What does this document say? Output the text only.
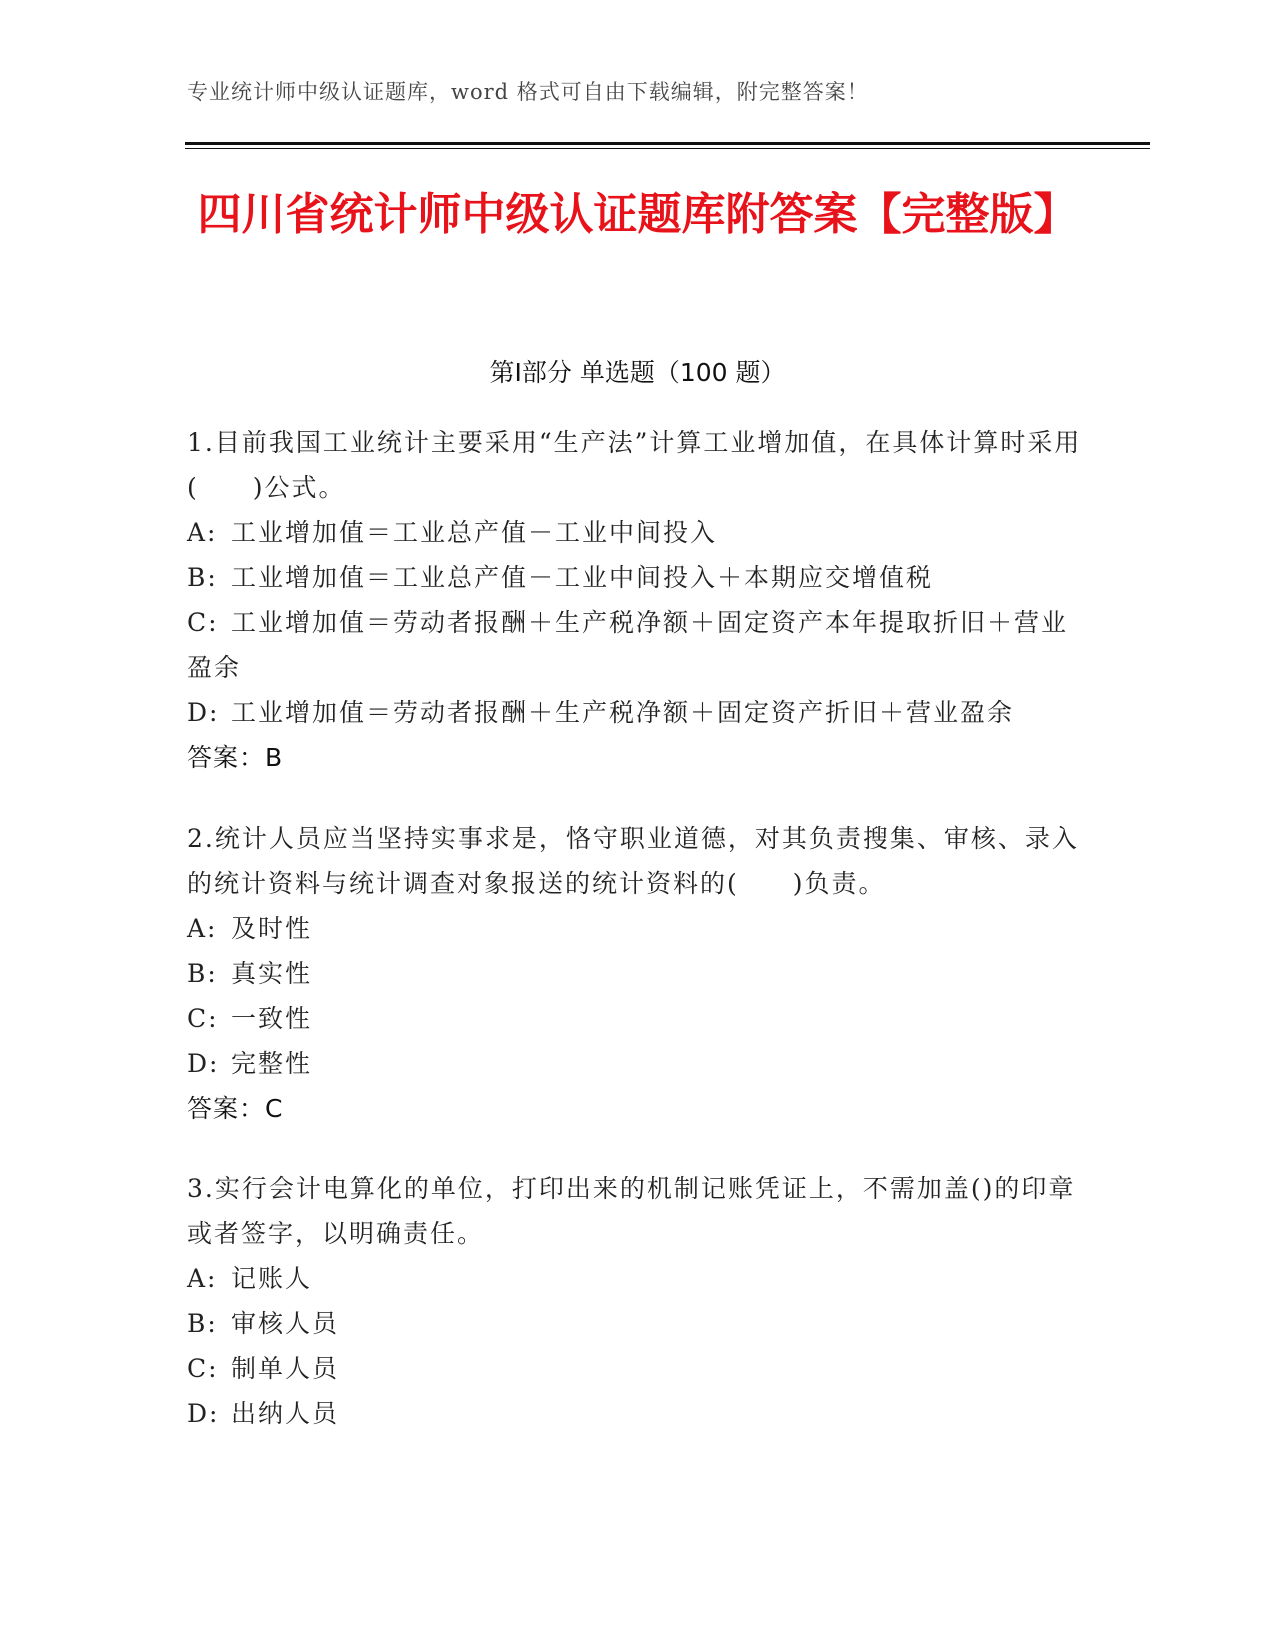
专业统计师中级认证题库，word 格式可自由下载编辑，附完整答案！
四川省统计师中级认证题库附答案【完整版】
第Ⅰ部分 单选题（100 题）

1.目前我国工业统计主要采用“生产法”计算工业增加值，在具体计算时采用(　　)公式。

A: 工业增加值＝工业总产值－工业中间投入

B: 工业增加值＝工业总产值－工业中间投入＋本期应交增值税

C: 工业增加值＝劳动者报酬＋生产税净额＋固定资产本年提取折旧＋营业盈余

D: 工业增加值＝劳动者报酬＋生产税净额＋固定资产折旧＋营业盈余

答案：B

2.统计人员应当坚持实事求是，恪守职业道德，对其负责搜集、审核、录入的统计资料与统计调查对象报送的统计资料的(　　)负责。

A: 及时性

B: 真实性

C: 一致性

D: 完整性

答案：C

3.实行会计电算化的单位，打印出来的机制记账凭证上，不需加盖()的印章或者签字，以明确责任。

A: 记账人

B: 审核人员

C: 制单人员

D: 出纳人员
